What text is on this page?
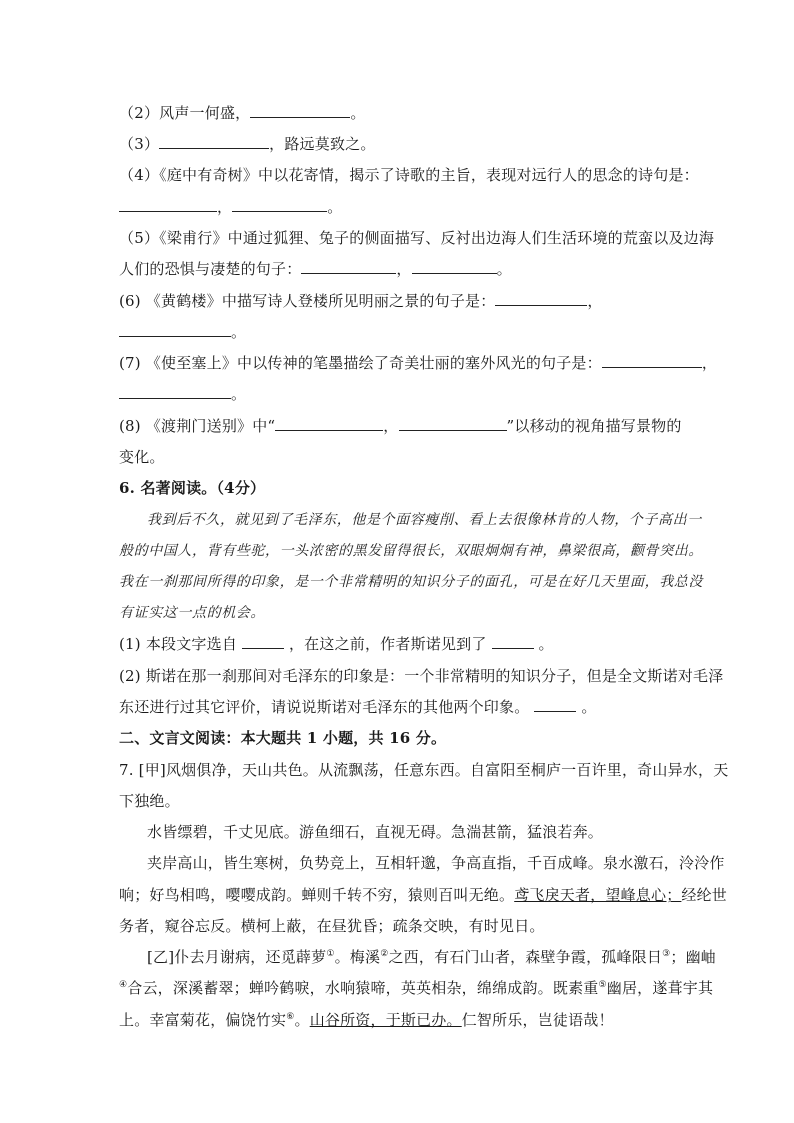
（2）风声一何盛，	。
（3）	，路远莫致之。
（4）《庭中有奇树》中以花寄情，揭示了诗歌的主旨，表现对远行人的思念的诗句是：
，	。
（5）《梁甫行》中通过狐狸、兔子的侧面描写、反衬出边海人们生活环境的荒蛮以及边海
人们的恐惧与凄楚的句子：	，	。
(6) 《黄鹤楼》中描写诗人登楼所见明丽之景的句子是：	，
。
(7) 《使至塞上》中以传神的笔墨描绘了奇美壮丽的塞外风光的句子是：	，
。
(8) 《渡荆门送别》中“	，	”以移动的视角描写景物的
变化。
6. 名著阅读。（4分）
我到后不久，就见到了毛泽东，他是个面容瘦削、看上去很像林肯的人物，个子高出一
般的中国人，背有些驼，一头浓密的黑发留得很长，双眼炯炯有神，鼻梁很高，颧骨突出。
我在一刹那间所得的印象，是一个非常精明的知识分子的面孔，可是在好几天里面，我总没
有证实这一点的机会。
(1) 本段文字选自	，在这之前，作者斯诺见到了	。
(2) 斯诺在那一刹那间对毛泽东的印象是：一个非常精明的知识分子，但是全文斯诺对毛泽
东还进行过其它评价，请说说斯诺对毛泽东的其他两个印象。	。
二、文言文阅读：本大题共 1 小题，共 16 分。
7. [甲]风烟俱净，天山共色。从流飘荡，任意东西。自富阳至桐庐一百许里，奇山异水，天
下独绝。
水皆缥碧，千丈见底。游鱼细石，直视无碍。急湍甚箭，猛浪若奔。
夹岸高山，皆生寒树，负势竞上，互相轩邈，争高直指，千百成峰。泉水激石，泠泠作
响；好鸟相鸣，嘤嘤成韵。蝉则千转不穷，猿则百叫无绝。鸢飞戾天者，望峰息心；经纶世
务者，窥谷忘反。横柯上蔽，在昼犹昏；疏条交映，有时见日。
[乙]仆去月谢病，还觅薜萝①。梅溪②之西，有石门山者，森壁争霞，孤峰限日③；幽岫
④合云，深溪蓄翠；蝉吟鹤唳，水响猿啼，英英相杂，绵绵成韵。既素重⑤幽居，遂葺宇其
上。幸富菊花，偏饶竹实⑥。山谷所资，于斯已办。仁智所乐，岂徒语哉！
